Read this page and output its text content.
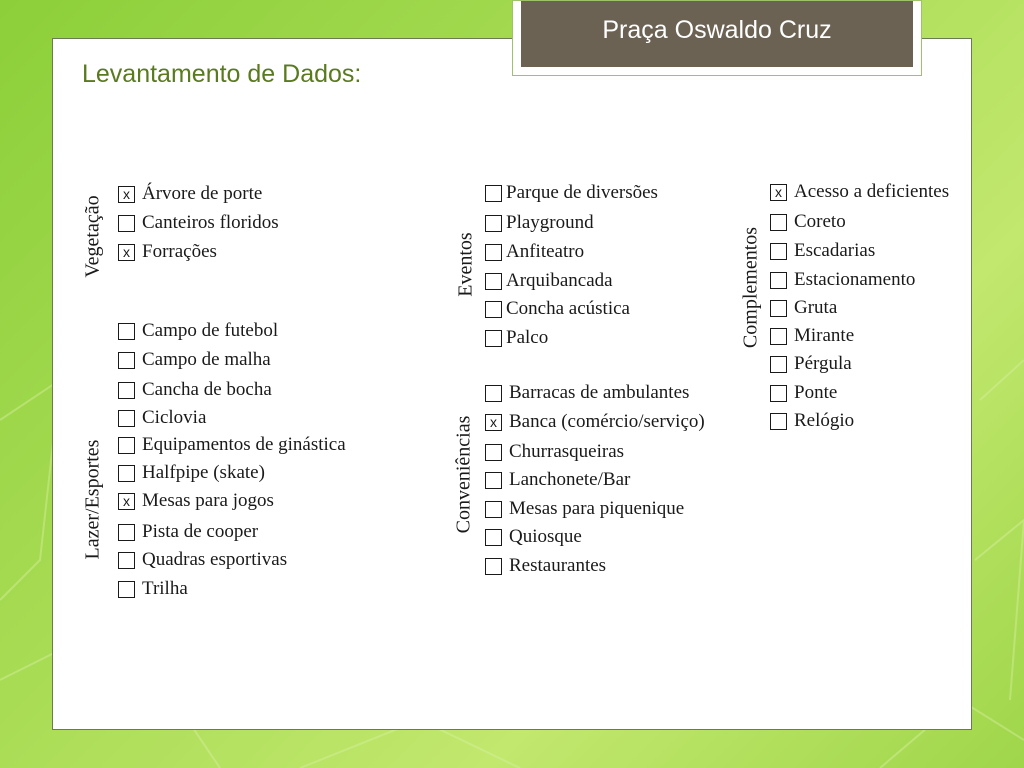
Praça Oswaldo Cruz
Levantamento de Dados:
Vegetação
x Árvore de porte
Canteiros floridos
x Forrações
Lazer/Esportes
Campo de futebol
Campo de malha
Cancha de bocha
Ciclovia
Equipamentos de ginástica
Halfpipe (skate)
x Mesas para jogos
Pista de cooper
Quadras esportivas
Trilha
Eventos
Parque de diversões
Playground
Anfiteatro
Arquibancada
Concha acústica
Palco
Conveniências
Barracas de ambulantes
x Banca (comércio/serviço)
Churrasqueiras
Lanchonete/Bar
Mesas para piquenique
Quiosque
Restaurantes
Complementos
x Acesso a deficientes
Coreto
Escadarias
Estacionamento
Gruta
Mirante
Pérgula
Ponte
Relógio
